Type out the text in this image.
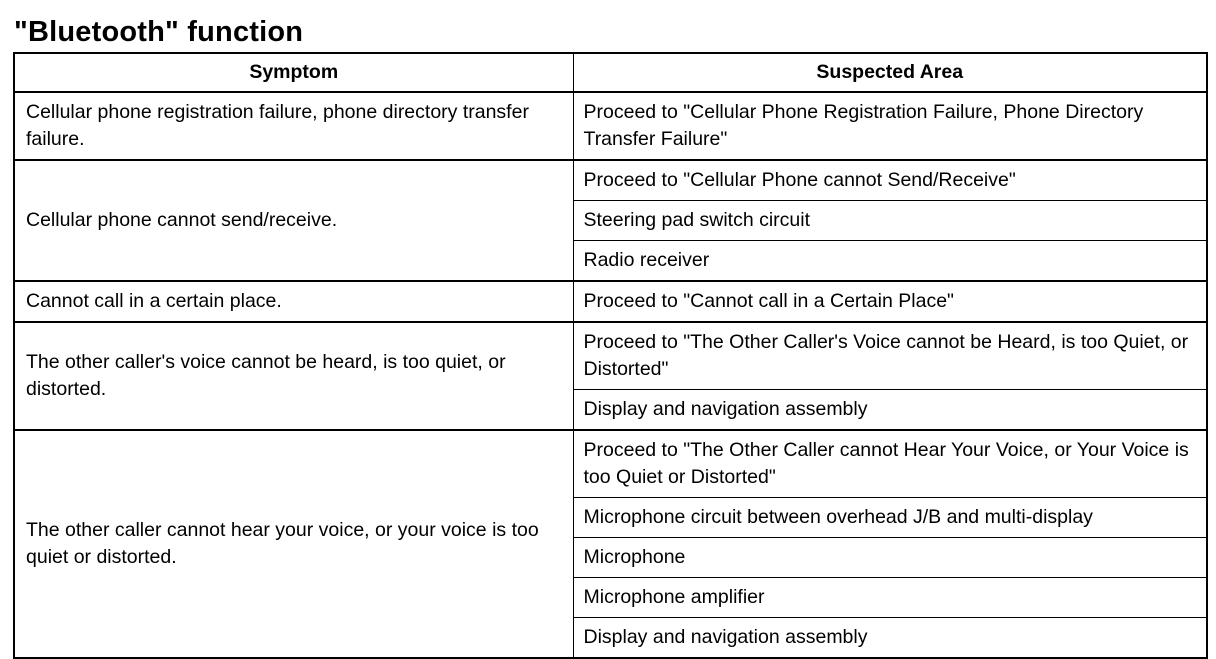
"Bluetooth" function
Symptom	Suspected Area
Cellular phone registration failure, phone directory transfer failure.	Proceed to "Cellular Phone Registration Failure, Phone Directory Transfer Failure"
Cellular phone cannot send/receive.	Proceed to "Cellular Phone cannot Send/Receive"
	Steering pad switch circuit
	Radio receiver
Cannot call in a certain place.	Proceed to "Cannot call in a Certain Place"
The other caller's voice cannot be heard, is too quiet, or distorted.	Proceed to "The Other Caller's Voice cannot be Heard, is too Quiet, or Distorted"
	Display and navigation assembly
The other caller cannot hear your voice, or your voice is too quiet or distorted.	Proceed to "The Other Caller cannot Hear Your Voice, or Your Voice is too Quiet or Distorted"
	Microphone circuit between overhead J/B and multi-display
	Microphone
	Microphone amplifier
	Display and navigation assembly
